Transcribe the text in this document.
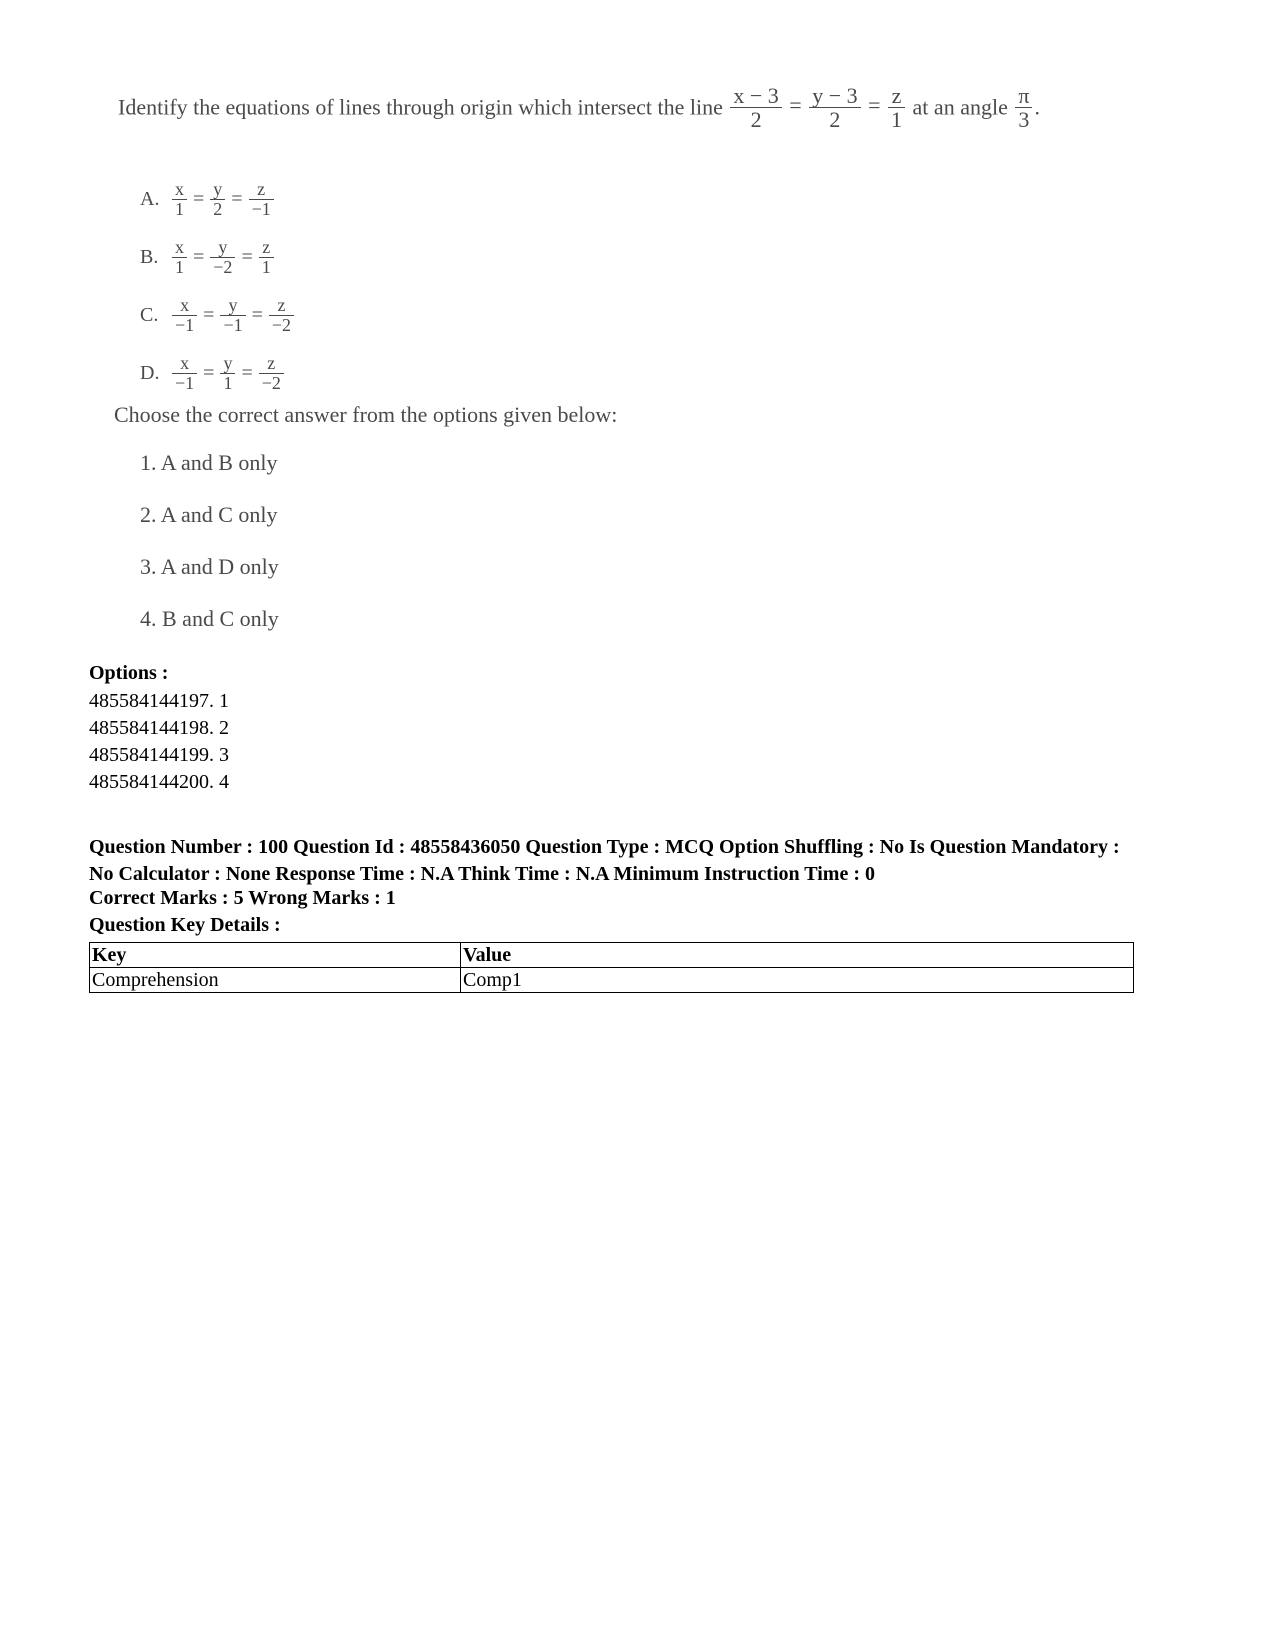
Identify the equations of lines through origin which intersect the line $\frac{x - 3}{2} = \frac{y - 3}{2} = \frac{z}{1}$ at an angle $\frac{\pi}{3}$ .
A. $\frac{x}{1} = \frac{y}{2} = \frac{z}{-1}$
B. $\frac{x}{1} = \frac{y}{-2} = \frac{z}{1}$
C. $\frac{x}{-1} = \frac{y}{-1} = \frac{z}{-2}$
D. $\frac{x}{-1} = \frac{y}{1} = \frac{z}{-2}$
Choose the correct answer from the options given below:
1. A and B only
2. A and C only
3. A and D only
4. B and C only
Options :
485584144197. 1
485584144198. 2
485584144199. 3
485584144200. 4
Question Number : 100 Question Id : 48558436050 Question Type : MCQ Option Shuffling : No Is Question Mandatory : No Calculator : None Response Time : N.A Think Time : N.A Minimum Instruction Time : 0
Correct Marks : 5 Wrong Marks : 1
Question Key Details :
Key	Value
Comprehension	Comp1
